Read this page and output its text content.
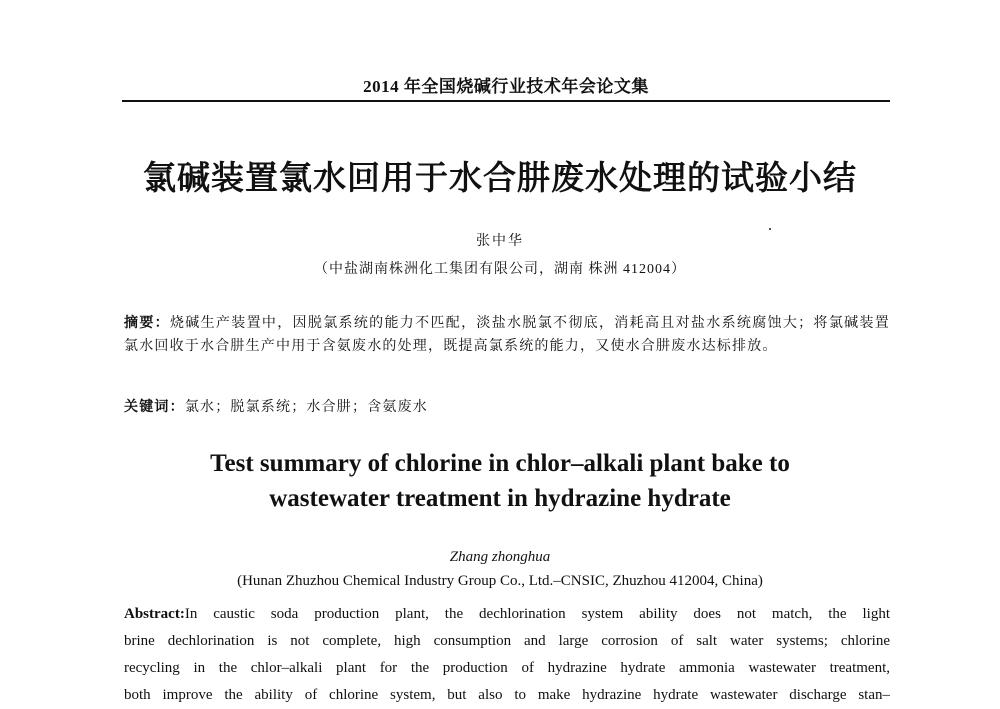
2014 年全国烧碱行业技术年会论文集
氯碱装置氯水回用于水合肼废水处理的试验小结
张中华
（中盐湖南株洲化工集团有限公司，湖南 株洲 412004）
摘要：烧碱生产装置中，因脱氯系统的能力不匹配，淡盐水脱氯不彻底，消耗高且对盐水系统腐蚀大；将氯碱装置氯水回收于水合肼生产中用于含氨废水的处理，既提高氯系统的能力，又使水合肼废水达标排放。
关键词：氯水；脱氯系统；水合肼；含氨废水
Test summary of chlorine in chlor–alkali plant bake to
wastewater treatment in hydrazine hydrate
Zhang zhonghua
(Hunan Zhuzhou Chemical Industry Group Co., Ltd.–CNSIC, Zhuzhou 412004, China)
Abstract:In caustic soda production plant, the dechlorination system ability does not match, the light
brine dechlorination is not complete, high consumption and large corrosion of salt water systems; chlorine
recycling in the chlor–alkali plant for the production of hydrazine hydrate ammonia wastewater treatment,
both improve the ability of chlorine system, but also to make hydrazine hydrate wastewater discharge stan–
